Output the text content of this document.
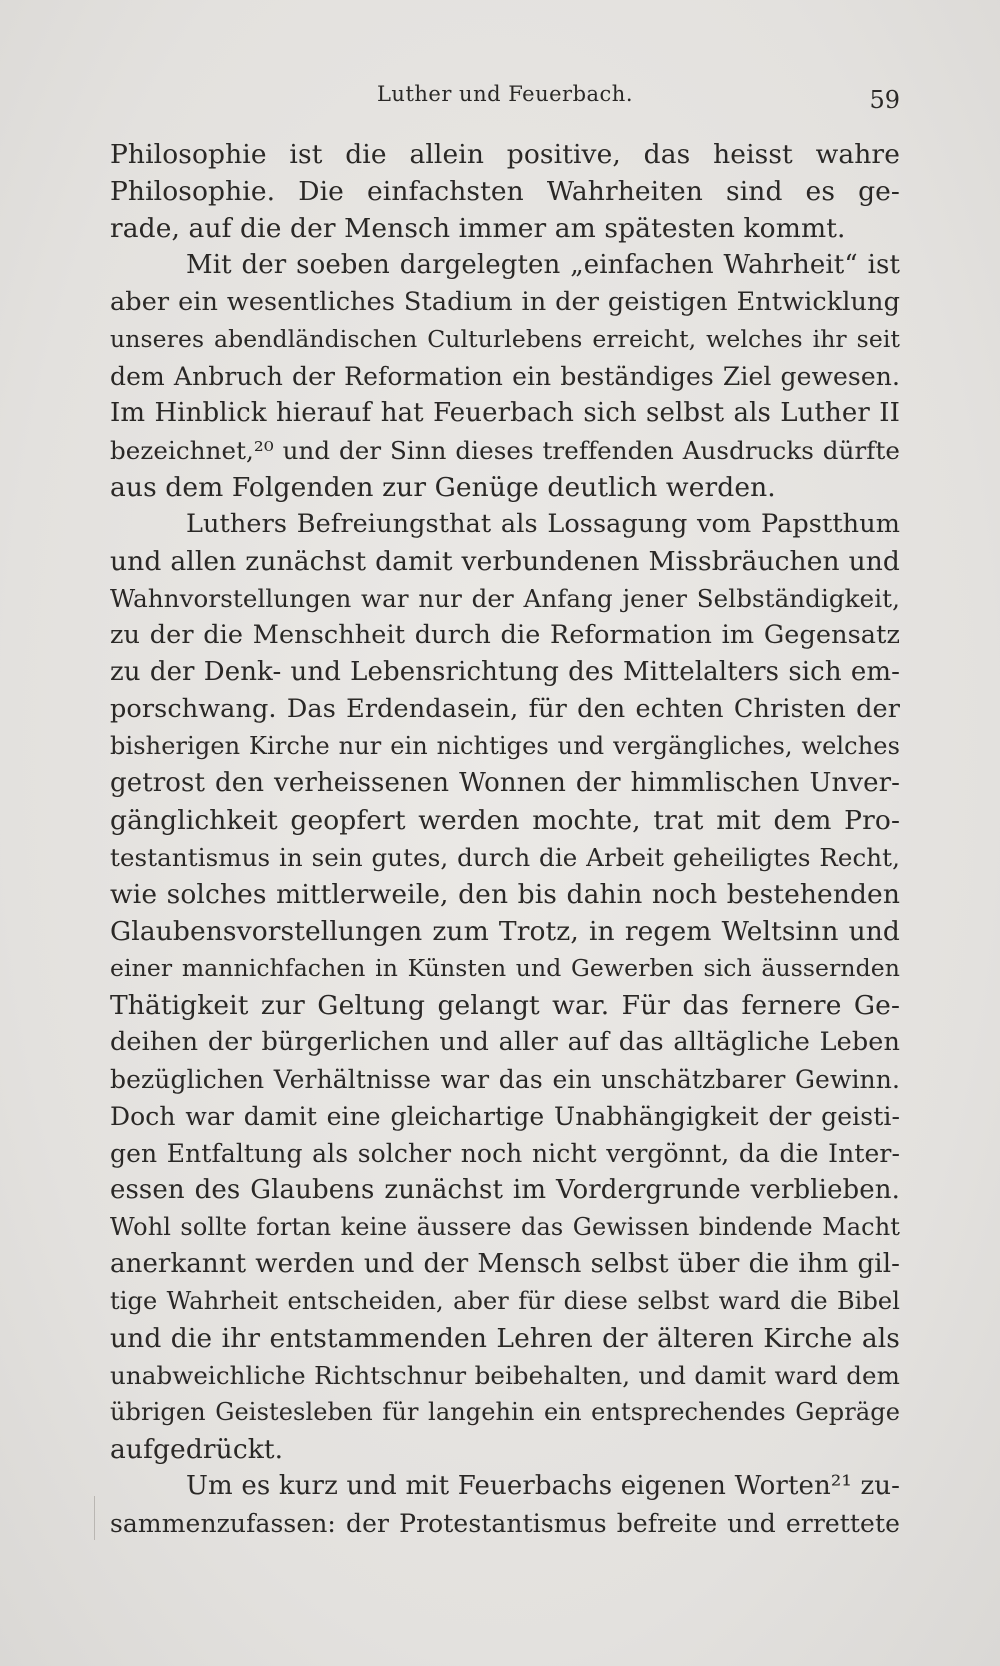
Luther und Feuerbach.	59
Philosophie ist die allein positive, das heisst wahre
Philosophie. Die einfachsten Wahrheiten sind es ge-
rade, auf die der Mensch immer am spätesten kommt.
Mit der soeben dargelegten „einfachen Wahrheit“ ist
aber ein wesentliches Stadium in der geistigen Entwicklung
unseres abendländischen Culturlebens erreicht, welches ihr seit
dem Anbruch der Reformation ein beständiges Ziel gewesen.
Im Hinblick hierauf hat Feuerbach sich selbst als Luther II
bezeichnet,²⁰ und der Sinn dieses treffenden Ausdrucks dürfte
aus dem Folgenden zur Genüge deutlich werden.
Luthers Befreiungsthat als Lossagung vom Papstthum
und allen zunächst damit verbundenen Missbräuchen und
Wahnvorstellungen war nur der Anfang jener Selbständigkeit,
zu der die Menschheit durch die Reformation im Gegensatz
zu der Denk- und Lebensrichtung des Mittelalters sich em-
porschwang. Das Erdendasein, für den echten Christen der
bisherigen Kirche nur ein nichtiges und vergängliches, welches
getrost den verheissenen Wonnen der himmlischen Unver-
gänglichkeit geopfert werden mochte, trat mit dem Pro-
testantismus in sein gutes, durch die Arbeit geheiligtes Recht,
wie solches mittlerweile, den bis dahin noch bestehenden
Glaubensvorstellungen zum Trotz, in regem Weltsinn und
einer mannichfachen in Künsten und Gewerben sich äussernden
Thätigkeit zur Geltung gelangt war. Für das fernere Ge-
deihen der bürgerlichen und aller auf das alltägliche Leben
bezüglichen Verhältnisse war das ein unschätzbarer Gewinn.
Doch war damit eine gleichartige Unabhängigkeit der geisti-
gen Entfaltung als solcher noch nicht vergönnt, da die Inter-
essen des Glaubens zunächst im Vordergrunde verblieben.
Wohl sollte fortan keine äussere das Gewissen bindende Macht
anerkannt werden und der Mensch selbst über die ihm gil-
tige Wahrheit entscheiden, aber für diese selbst ward die Bibel
und die ihr entstammenden Lehren der älteren Kirche als
unabweichliche Richtschnur beibehalten, und damit ward dem
übrigen Geistesleben für langehin ein entsprechendes Gepräge
aufgedrückt.
Um es kurz und mit Feuerbachs eigenen Worten²¹ zu-
sammenzufassen: der Protestantismus befreite und errettete
